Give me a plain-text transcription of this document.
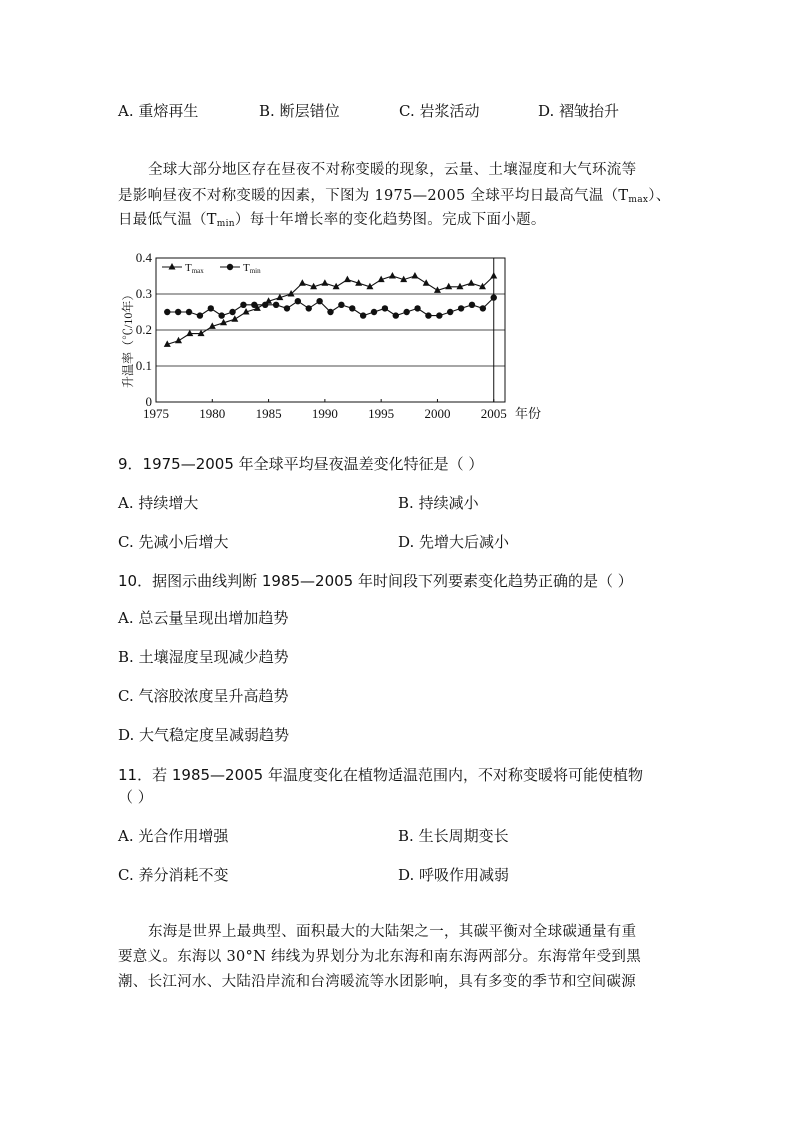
A. 重熔再生	B. 断层错位	C. 岩浆活动	D. 褶皱抬升
全球大部分地区存在昼夜不对称变暖的现象，云量、土壤湿度和大气环流等
是影响昼夜不对称变暖的因素，下图为 1975—2005 全球平均日最高气温$(T_{max})$、
日最低气温$(T_{min})$每十年增长率的变化趋势图。完成下面小题。
0
0.1
0.2
0.3
0.4
1975 1980 1985 1990 1995 2000 2005
Tmax	Tmin
升温率（℃/10年）
年份
9．1975—2005 年全球平均昼夜温差变化特征是（ ）
A. 持续增大	B. 持续减小
C. 先减小后增大	D. 先增大后减小
10．据图示曲线判断 1985—2005 年时间段下列要素变化趋势正确的是（ ）
A. 总云量呈现出增加趋势
B. 土壤湿度呈现减少趋势
C. 气溶胶浓度呈升高趋势
D. 大气稳定度呈减弱趋势
11．若 1985—2005 年温度变化在植物适温范围内，不对称变暖将可能使植物
（ ）
A. 光合作用增强	B. 生长周期变长
C. 养分消耗不变	D. 呼吸作用减弱
东海是世界上最典型、面积最大的大陆架之一，其碳平衡对全球碳通量有重
要意义。东海以 30°N 纬线为界划分为北东海和南东海两部分。东海常年受到黑
潮、长江河水、大陆沿岸流和台湾暖流等水团影响，具有多变的季节和空间碳源
